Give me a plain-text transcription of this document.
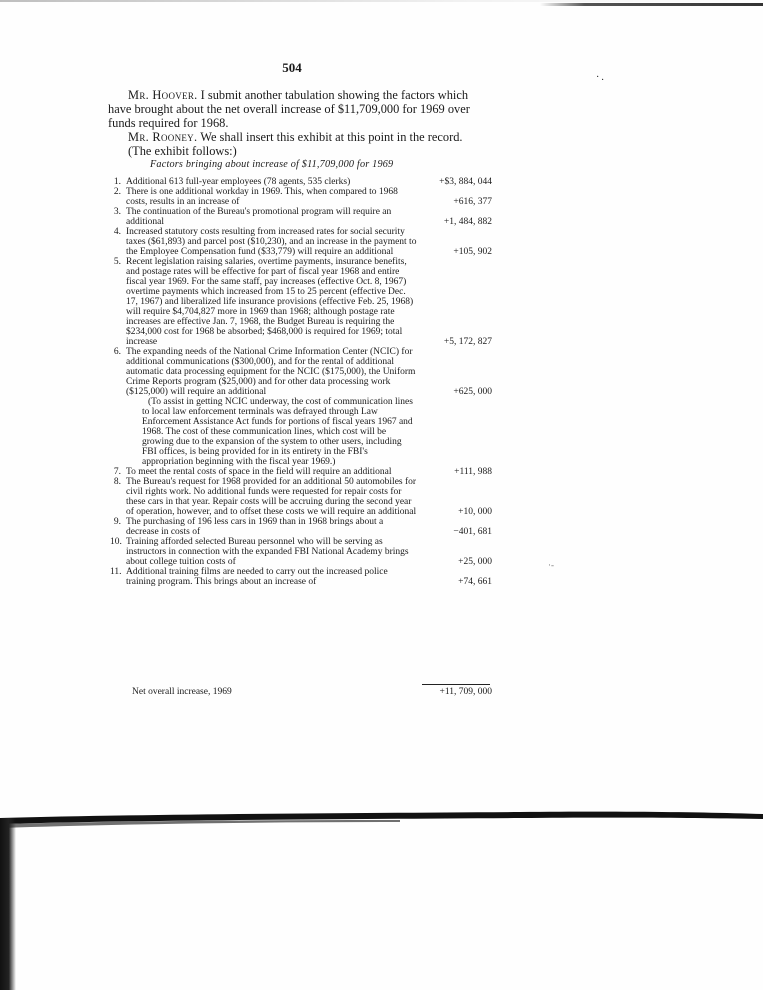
·.
504

Mr. Hoover. I submit another tabulation showing the factors which have brought about the net overall increase of $11,709,000 for 1969 over funds required for 1968.

Mr. Rooney. We shall insert this exhibit at this point in the record.

(The exhibit follows:)

Factors bringing about increase of $11,709,000 for 1969
1. Additional 613 full-year employees (78 agents, 535 clerks)	+$3, 884, 044
2. There is one additional workday in 1969. This, when compared to 1968 costs, results in an increase of	+616, 377
3. The continuation of the Bureau's promotional program will require an additional	+1, 484, 882
4. Increased statutory costs resulting from increased rates for social security taxes ($61,893) and parcel post ($10,230), and an increase in the payment to the Employee Compensation fund ($33,779) will require an additional	+105, 902
5. Recent legislation raising salaries, overtime payments, insurance benefits, and postage rates will be effective for part of fiscal year 1968 and entire fiscal year 1969. For the same staff, pay increases (effective Oct. 8, 1967) overtime payments which increased from 15 to 25 percent (effective Dec. 17, 1967) and liberalized life insurance provisions (effective Feb. 25, 1968) will require $4,704,827 more in 1969 than 1968; although postage rate increases are effective Jan. 7, 1968, the Budget Bureau is requiring the $234,000 cost for 1968 be absorbed; $468,000 is required for 1969; total increase	+5, 172, 827
6. The expanding needs of the National Crime Information Center (NCIC) for additional communications ($300,000), and for the rental of additional automatic data processing equipment for the NCIC ($175,000), the Uniform Crime Reports program ($25,000) and for other data processing work ($125,000) will require an additional	+625, 000
(To assist in getting NCIC underway, the cost of communication lines to local law enforcement terminals was defrayed through Law Enforcement Assistance Act funds for portions of fiscal years 1967 and 1968. The cost of these communication lines, which cost will be growing due to the expansion of the system to other users, including FBI offices, is being provided for in its entirety in the FBI's appropriation beginning with the fiscal year 1969.)
7. To meet the rental costs of space in the field will require an additional	+111, 988
8. The Bureau's request for 1968 provided for an additional 50 automobiles for civil rights work. No additional funds were requested for repair costs for these cars in that year. Repair costs will be accruing during the second year of operation, however, and to offset these costs we will require an additional	+10, 000
9. The purchasing of 196 less cars in 1969 than in 1968 brings about a decrease in costs of	−401, 681
10. Training afforded selected Bureau personnel who will be serving as instructors in connection with the expanded FBI National Academy brings about college tuition costs of	+25, 000
11. Additional training films are needed to carry out the increased police training program. This brings about an increase of	+74, 661
Net overall increase, 1969	+11, 709, 000
·-
